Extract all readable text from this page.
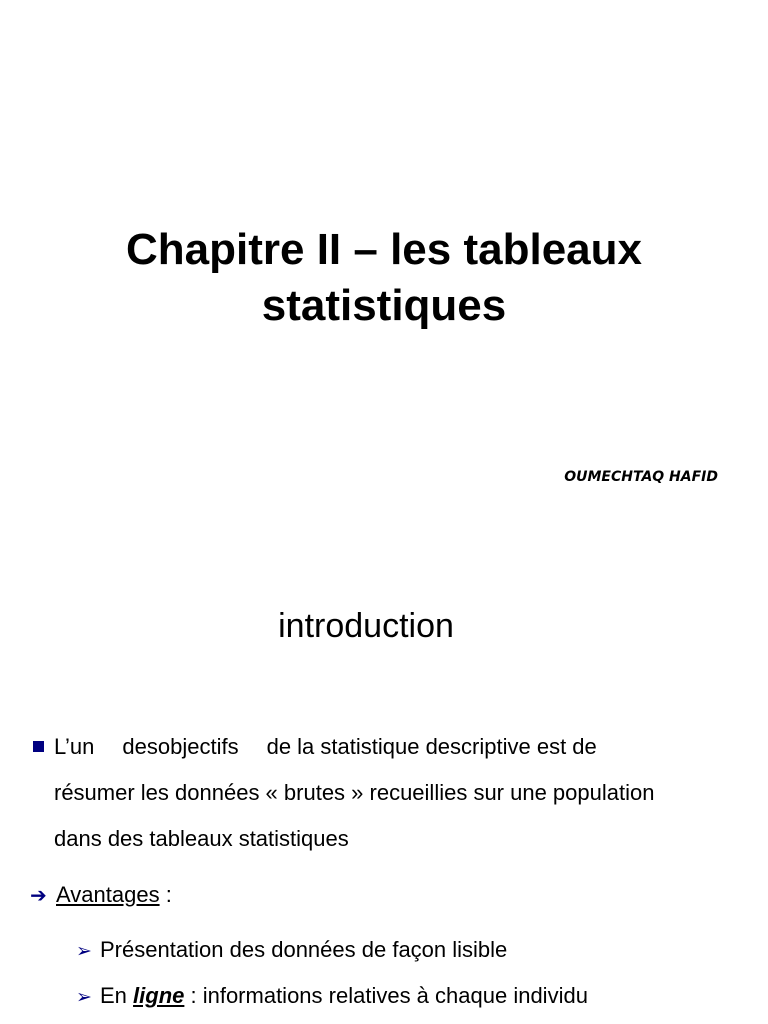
Chapitre II – les tableaux
statistiques
OUMECHTAQ HAFID
introduction
L’un desobjectifs de la statistique descriptive est de
résumer les données « brutes » recueillies sur une population
dans des tableaux statistiques
➔ Avantages :
➢ Présentation des données de façon lisible
➢ En ligne : informations relatives à chaque individu
